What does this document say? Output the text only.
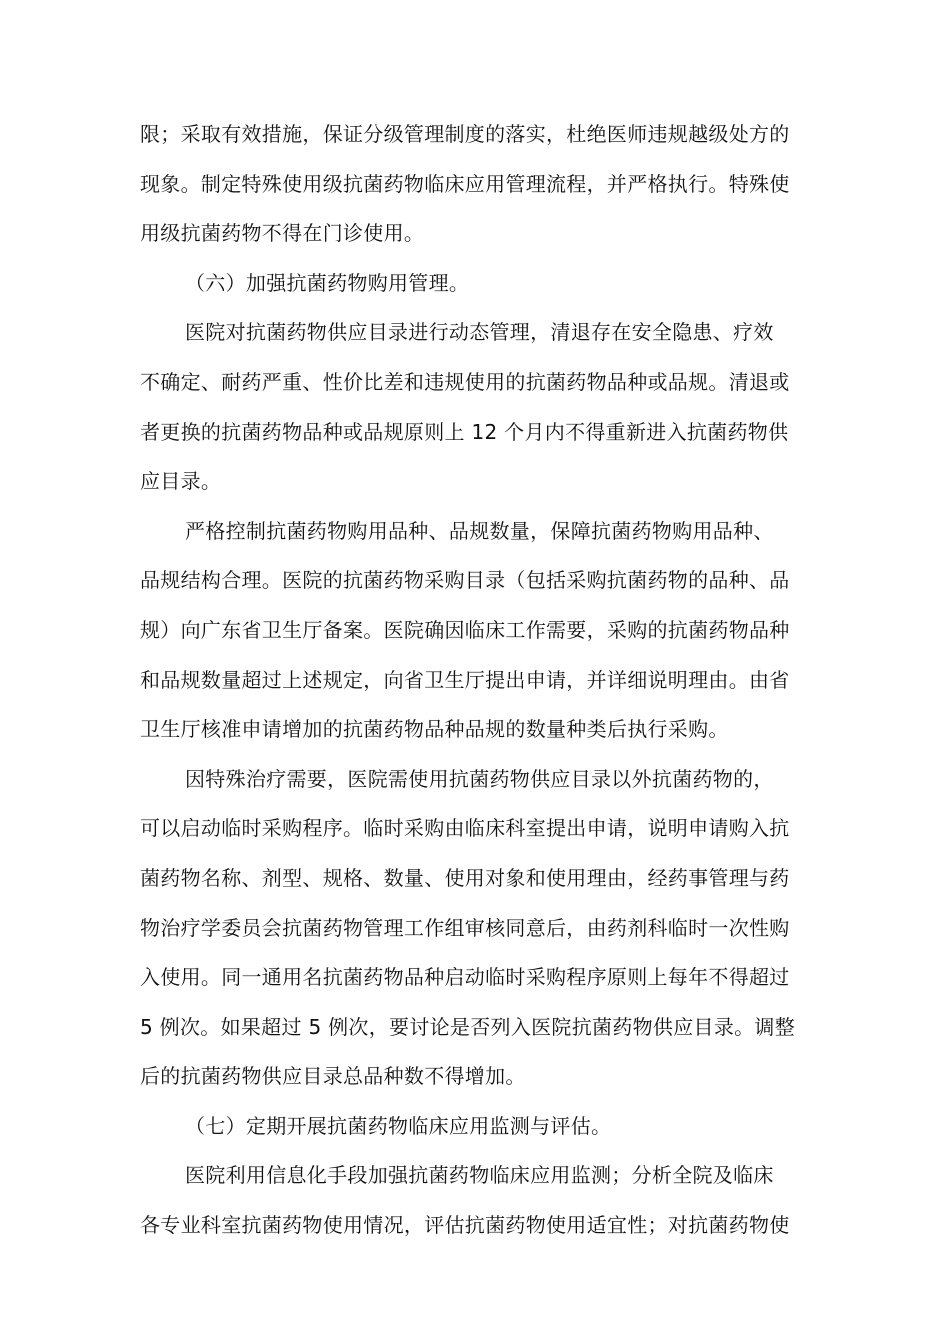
限；采取有效措施，保证分级管理制度的落实，杜绝医师违规越级处方的
现象。制定特殊使用级抗菌药物临床应用管理流程，并严格执行。特殊使
用级抗菌药物不得在门诊使用。
（六）加强抗菌药物购用管理。
医院对抗菌药物供应目录进行动态管理，清退存在安全隐患、疗效
不确定、耐药严重、性价比差和违规使用的抗菌药物品种或品规。清退或
者更换的抗菌药物品种或品规原则上 12 个月内不得重新进入抗菌药物供
应目录。
严格控制抗菌药物购用品种、品规数量，保障抗菌药物购用品种、
品规结构合理。医院的抗菌药物采购目录（包括采购抗菌药物的品种、品
规）向广东省卫生厅备案。医院确因临床工作需要，采购的抗菌药物品种
和品规数量超过上述规定，向省卫生厅提出申请，并详细说明理由。由省
卫生厅核准申请增加的抗菌药物品种品规的数量种类后执行采购。
因特殊治疗需要，医院需使用抗菌药物供应目录以外抗菌药物的，
可以启动临时采购程序。临时采购由临床科室提出申请，说明申请购入抗
菌药物名称、剂型、规格、数量、使用对象和使用理由，经药事管理与药
物治疗学委员会抗菌药物管理工作组审核同意后，由药剂科临时一次性购
入使用。同一通用名抗菌药物品种启动临时采购程序原则上每年不得超过
5 例次。如果超过 5 例次，要讨论是否列入医院抗菌药物供应目录。调整
后的抗菌药物供应目录总品种数不得增加。
（七）定期开展抗菌药物临床应用监测与评估。
医院利用信息化手段加强抗菌药物临床应用监测；分析全院及临床
各专业科室抗菌药物使用情况，评估抗菌药物使用适宜性；对抗菌药物使
